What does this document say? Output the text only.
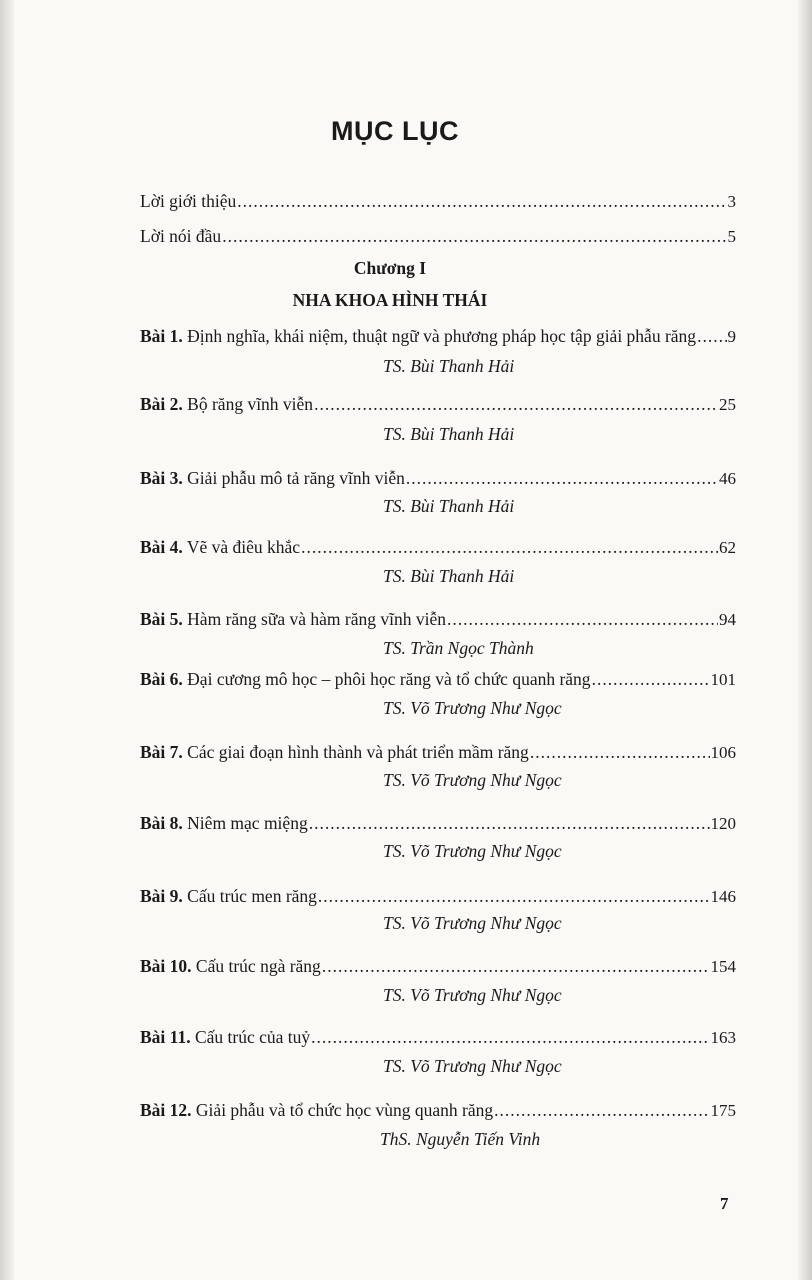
MỤC LỤC
Lời giới thiệu .....	3
Lời nói đầu .....	5
Chương I
NHA KHOA HÌNH THÁI
Bài 1. Định nghĩa, khái niệm, thuật ngữ và phương pháp học tập giải phẫu răng ..... 9
TS. Bùi Thanh Hải
Bài 2. Bộ răng vĩnh viễn .....	25
TS. Bùi Thanh Hải
Bài 3. Giải phẫu mô tả răng vĩnh viễn .....	46
TS. Bùi Thanh Hải
Bài 4. Vẽ và điêu khắc .....	62
TS. Bùi Thanh Hải
Bài 5. Hàm răng sữa và hàm răng vĩnh viễn .....	94
TS. Trần Ngọc Thành
Bài 6. Đại cương mô học – phôi học răng và tổ chức quanh răng .....	101
TS. Võ Trương Như Ngọc
Bài 7. Các giai đoạn hình thành và phát triển mầm răng .....	106
TS. Võ Trương Như Ngọc
Bài 8. Niêm mạc miệng .....	120
TS. Võ Trương Như Ngọc
Bài 9. Cấu trúc men răng .....	146
TS. Võ Trương Như Ngọc
Bài 10. Cấu trúc ngà răng .....	154
TS. Võ Trương Như Ngọc
Bài 11. Cấu trúc của tuỷ .....	163
TS. Võ Trương Như Ngọc
Bài 12. Giải phẫu và tổ chức học vùng quanh răng .....	175
ThS. Nguyễn Tiến Vinh
7
